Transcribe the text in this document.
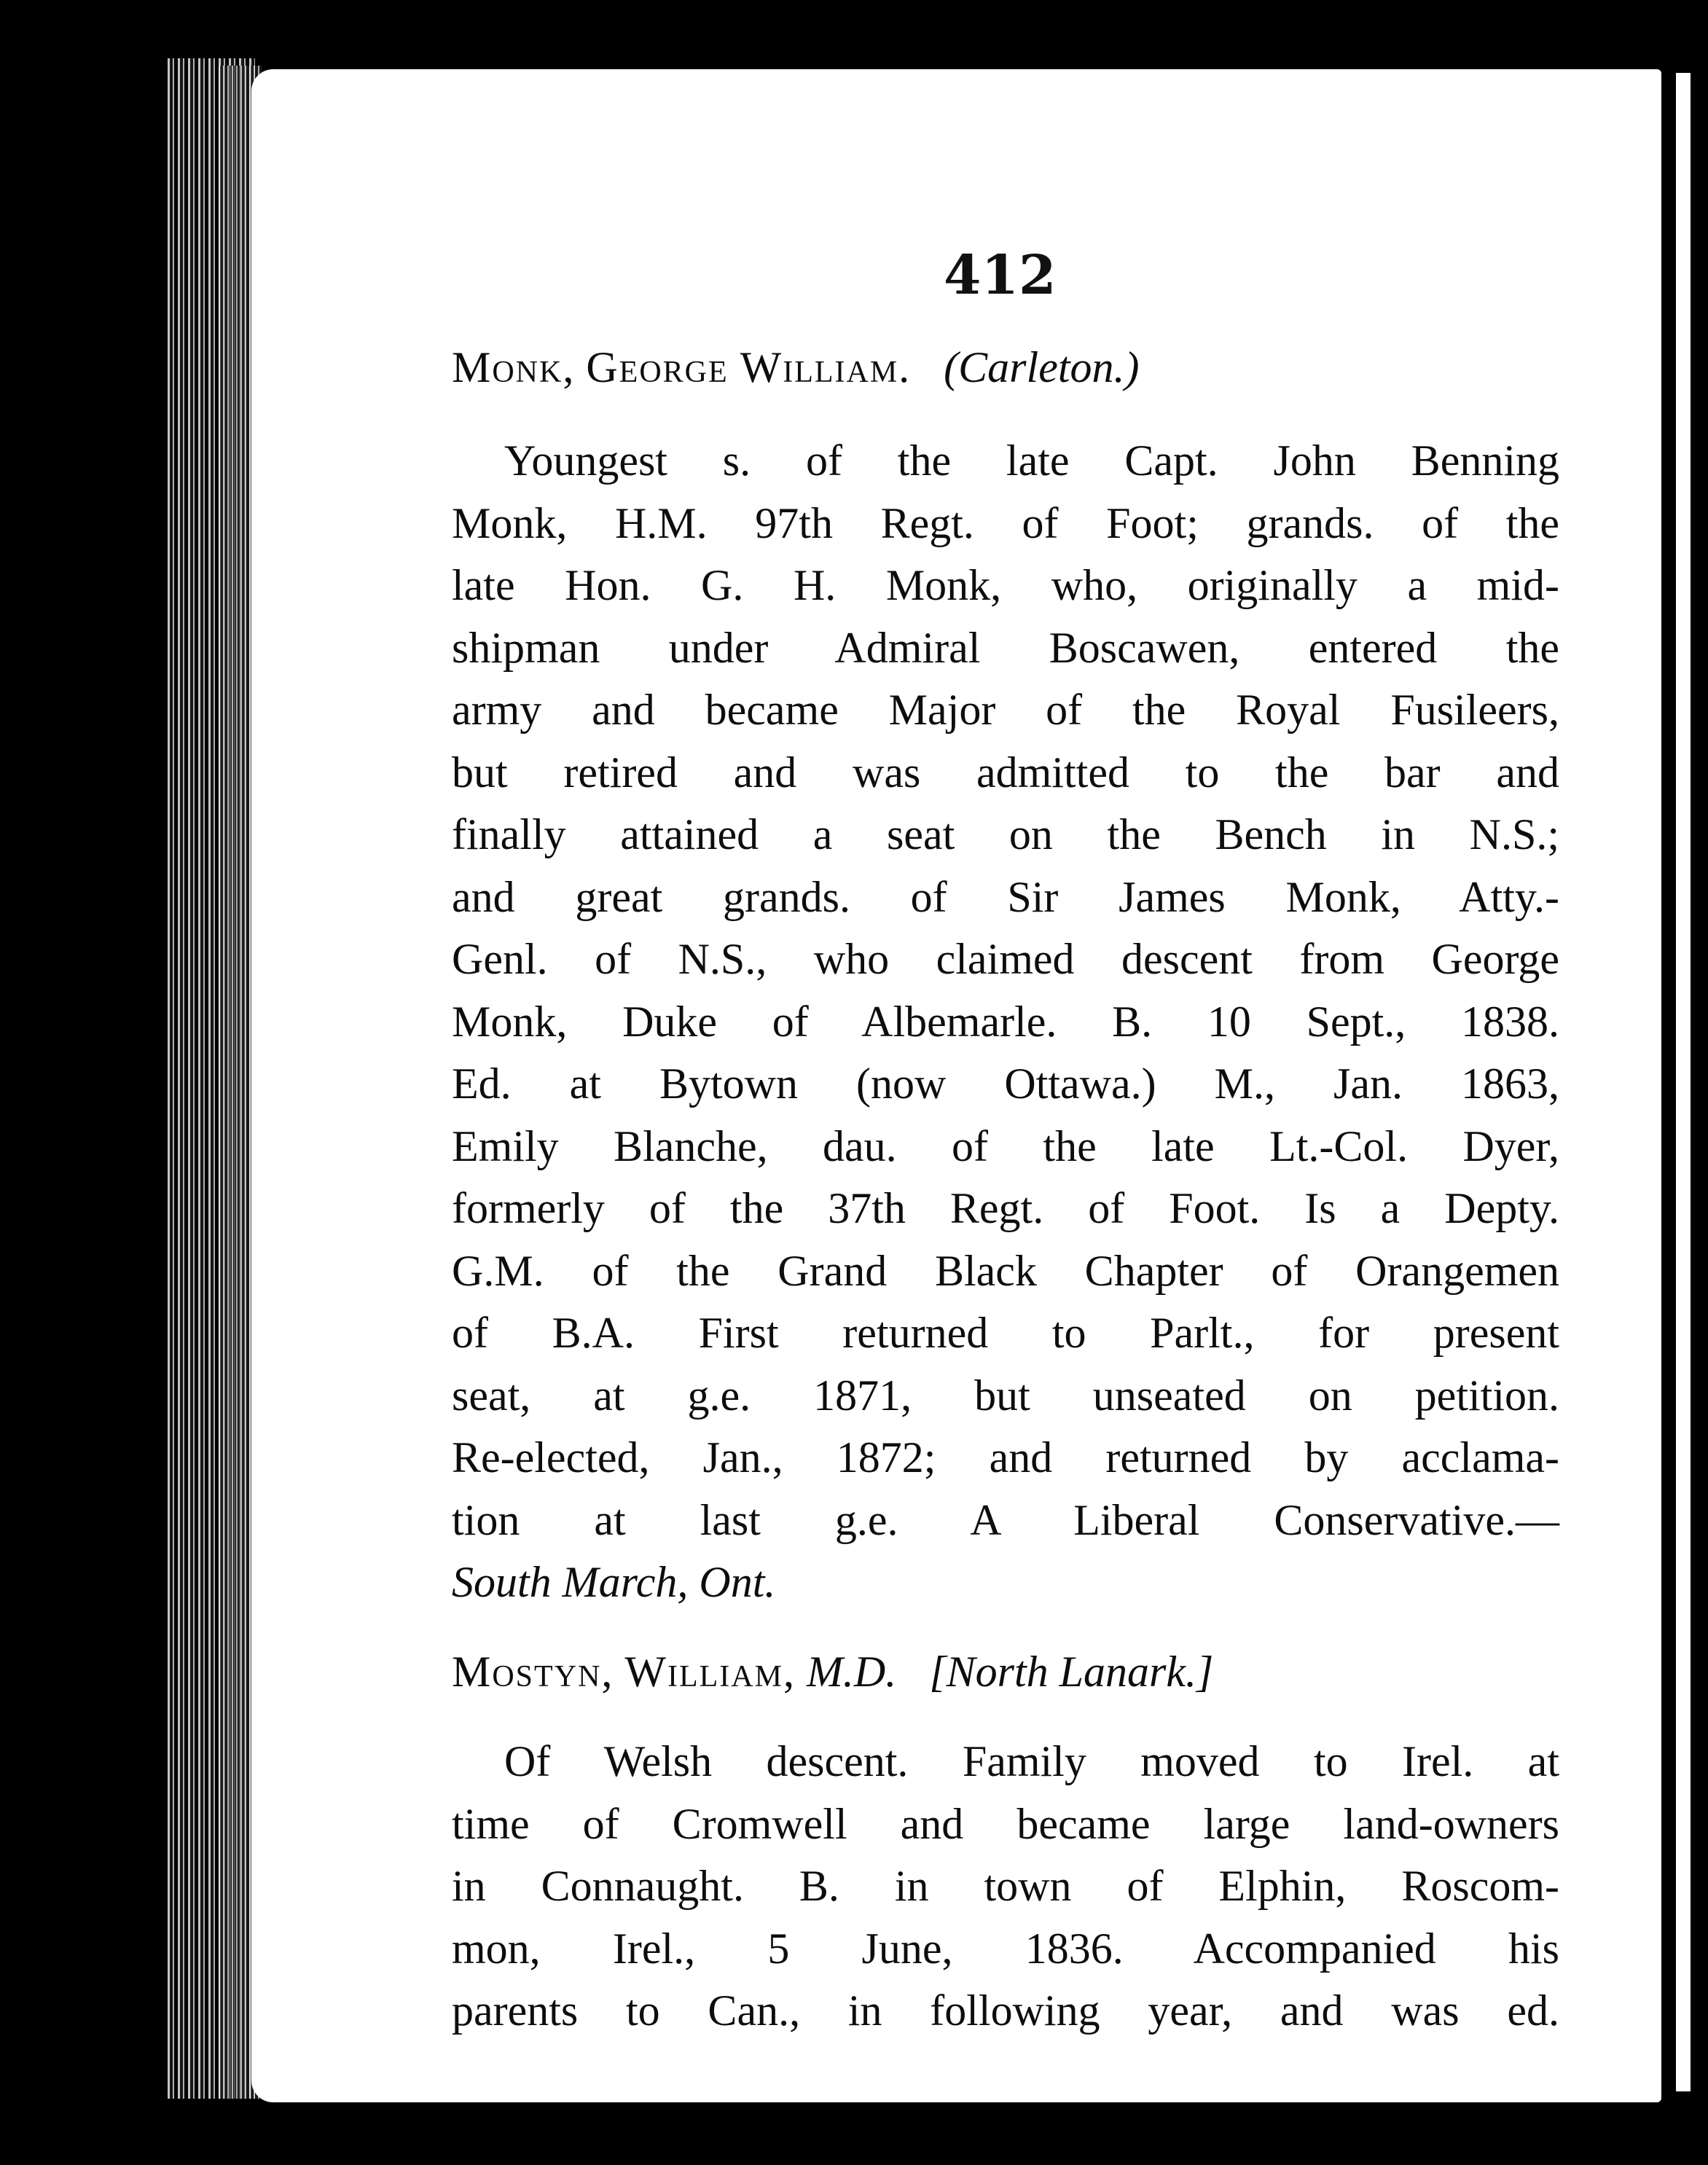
412
Monk, George William. (Carleton.)
Youngest s. of the late Capt. John Benning
Monk, H.M. 97th Regt. of Foot; grands. of the
late Hon. G. H. Monk, who, originally a mid-
shipman under Admiral Boscawen, entered the
army and became Major of the Royal Fusileers,
but retired and was admitted to the bar and
finally attained a seat on the Bench in N.S.;
and great grands. of Sir James Monk, Atty.-
Genl. of N.S., who claimed descent from George
Monk, Duke of Albemarle. B. 10 Sept., 1838.
Ed. at Bytown (now Ottawa.) M., Jan. 1863,
Emily Blanche, dau. of the late Lt.-Col. Dyer,
formerly of the 37th Regt. of Foot. Is a Depty.
G.M. of the Grand Black Chapter of Orangemen
of B.A. First returned to Parlt., for present
seat, at g.e. 1871, but unseated on petition.
Re-elected, Jan., 1872; and returned by acclama-
tion at last g.e. A Liberal Conservative.—
South March, Ont.
Mostyn, William, M.D. [North Lanark.]
Of Welsh descent. Family moved to Irel. at
time of Cromwell and became large land-owners
in Connaught. B. in town of Elphin, Roscom-
mon, Irel., 5 June, 1836. Accompanied his
parents to Can., in following year, and was ed.
